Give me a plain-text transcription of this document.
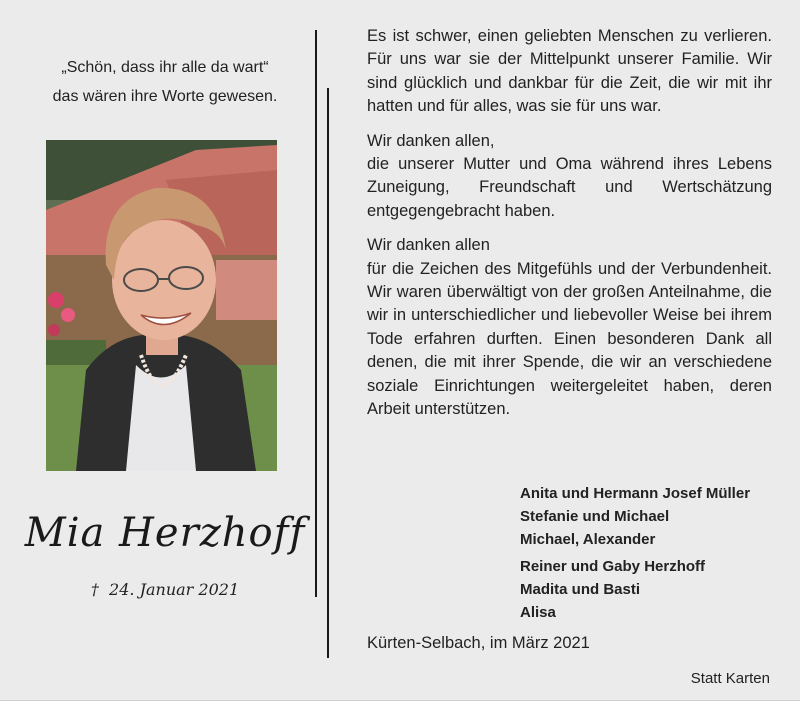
„Schön, dass ihr alle da wart“
das wären ihre Worte gewesen.
Mia Herzhoff
† 24. Januar 2021

Es ist schwer, einen geliebten Menschen zu verlieren. Für uns war sie der Mittelpunkt unserer Familie. Wir sind glücklich und dankbar für die Zeit, die wir mit ihr hatten und für alles, was sie für uns war.

Wir danken allen,

die unserer Mutter und Oma während ihres Lebens Zuneigung, Freundschaft und Wertschätzung entgegengebracht haben.

Wir danken allen

für die Zeichen des Mitgefühls und der Verbundenheit. Wir waren überwältigt von der großen Anteilnahme, die wir in unterschiedlicher und liebevoller Weise bei ihrem Tode erfahren durften. Einen besonderen Dank all denen, die mit ihrer Spende, die wir an verschiedene soziale Einrichtungen weitergeleitet haben, deren Arbeit unterstützen.

Anita und Hermann Josef Müller
Stefanie und Michael
Michael, Alexander
Reiner und Gaby Herzhoff
Madita und Basti
Alisa
Kürten-Selbach, im März 2021
Statt Karten
